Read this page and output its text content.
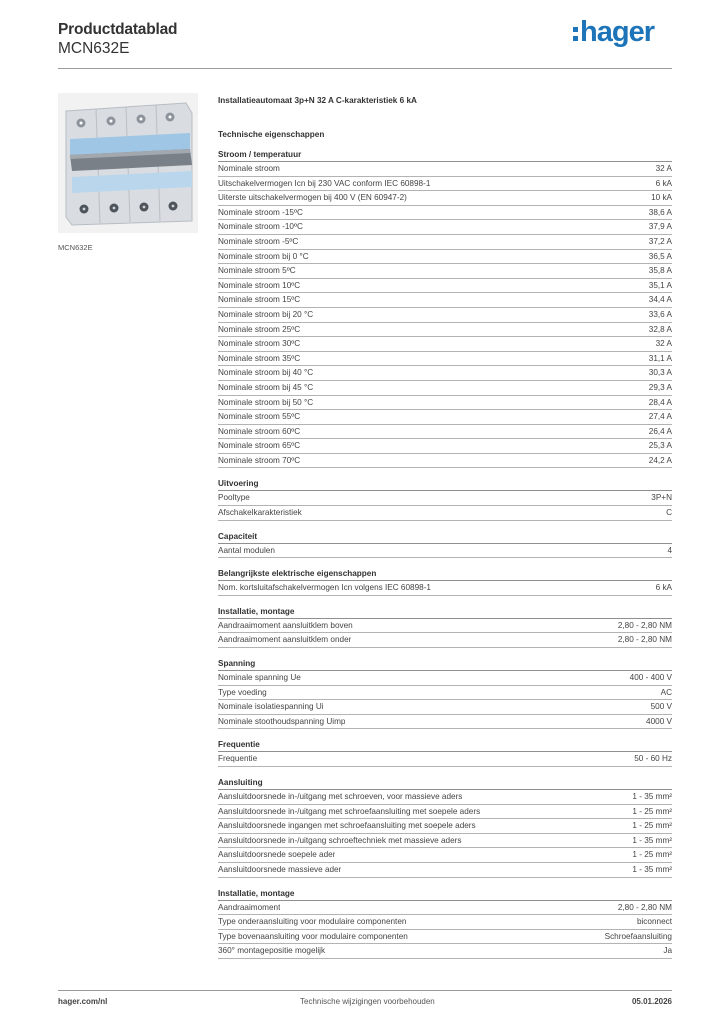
Productdatablad
MCN632E
hager
MCN632E
Installatieautomaat 3p+N 32 A C-karakteristiek 6 kA
Technische eigenschappen
Stroom / temperatuur
Nominale stroom	32 A
Uitschakelvermogen Icn bij 230 VAC conform IEC 60898-1	6 kA
Uiterste uitschakelvermogen bij 400 V (EN 60947-2)	10 kA
Nominale stroom -15ºC	38,6 A
Nominale stroom -10ºC	37,9 A
Nominale stroom -5ºC	37,2 A
Nominale stroom bij 0 °C	36,5 A
Nominale stroom 5ºC	35,8 A
Nominale stroom 10ºC	35,1 A
Nominale stroom 15ºC	34,4 A
Nominale stroom bij 20 °C	33,6 A
Nominale stroom 25ºC	32,8 A
Nominale stroom 30ºC	32 A
Nominale stroom 35ºC	31,1 A
Nominale stroom bij 40 °C	30,3 A
Nominale stroom bij 45 °C	29,3 A
Nominale stroom bij 50 °C	28,4 A
Nominale stroom 55ºC	27,4 A
Nominale stroom 60ºC	26,4 A
Nominale stroom 65ºC	25,3 A
Nominale stroom 70ºC	24,2 A
Uitvoering
Pooltype	3P+N
Afschakelkarakteristiek	C
Capaciteit
Aantal modulen	4
Belangrijkste elektrische eigenschappen
Nom. kortsluitafschakelvermogen Icn volgens IEC 60898-1	6 kA
Installatie, montage
Aandraaimoment aansluitklem boven	2,80 - 2,80 NM
Aandraaimoment aansluitklem onder	2,80 - 2,80 NM
Spanning
Nominale spanning Ue	400 - 400 V
Type voeding	AC
Nominale isolatiespanning Ui	500 V
Nominale stoothoudspanning Uimp	4000 V
Frequentie
Frequentie	50 - 60 Hz
Aansluiting
Aansluitdoorsnede in-/uitgang met schroeven, voor massieve aders	1 - 35 mm²
Aansluitdoorsnede in-/uitgang met schroefaansluiting met soepele aders	1 - 25 mm²
Aansluitdoorsnede ingangen met schroefaansluiting met soepele aders	1 - 25 mm²
Aansluitdoorsnede in-/uitgang schroeftechniek met massieve aders	1 - 35 mm²
Aansluitdoorsnede soepele ader	1 - 25 mm²
Aansluitdoorsnede massieve ader	1 - 35 mm²
Installatie, montage
Aandraaimoment	2,80 - 2,80 NM
Type onderaansluiting voor modulaire componenten	biconnect
Type bovenaansluiting voor modulaire componenten	Schroefaansluiting
360° montagepositie mogelijk	Ja
hager.com/nl	Technische wijzigingen voorbehouden	05.01.2026
